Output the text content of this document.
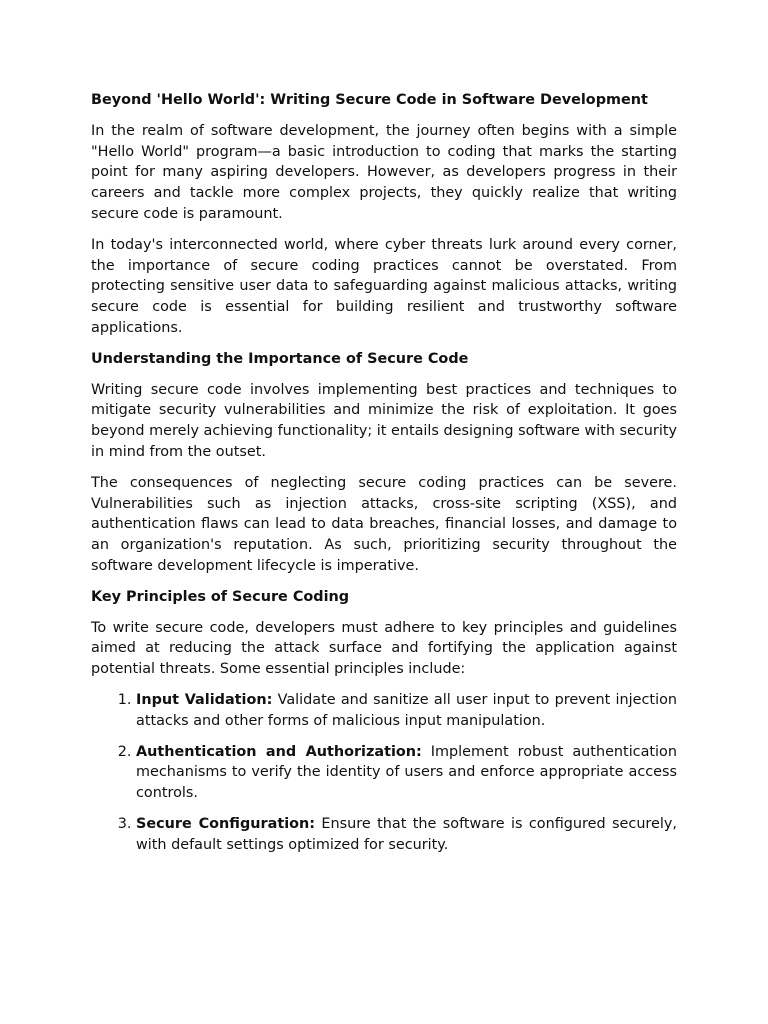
Beyond 'Hello World': Writing Secure Code in Software Development

In the realm of software development, the journey often begins with a simple "Hello World" program—a basic introduction to coding that marks the starting point for many aspiring developers. However, as developers progress in their careers and tackle more complex projects, they quickly realize that writing secure code is paramount.

In today's interconnected world, where cyber threats lurk around every corner, the importance of secure coding practices cannot be overstated. From protecting sensitive user data to safeguarding against malicious attacks, writing secure code is essential for building resilient and trustworthy software applications.

Understanding the Importance of Secure Code

Writing secure code involves implementing best practices and techniques to mitigate security vulnerabilities and minimize the risk of exploitation. It goes beyond merely achieving functionality; it entails designing software with security in mind from the outset.

The consequences of neglecting secure coding practices can be severe. Vulnerabilities such as injection attacks, cross-site scripting (XSS), and authentication flaws can lead to data breaches, financial losses, and damage to an organization's reputation. As such, prioritizing security throughout the software development lifecycle is imperative.

Key Principles of Secure Coding

To write secure code, developers must adhere to key principles and guidelines aimed at reducing the attack surface and fortifying the application against potential threats. Some essential principles include:

1. Input Validation: Validate and sanitize all user input to prevent injection attacks and other forms of malicious input manipulation.
2. Authentication and Authorization: Implement robust authentication mechanisms to verify the identity of users and enforce appropriate access controls.
3. Secure Configuration: Ensure that the software is configured securely, with default settings optimized for security.
